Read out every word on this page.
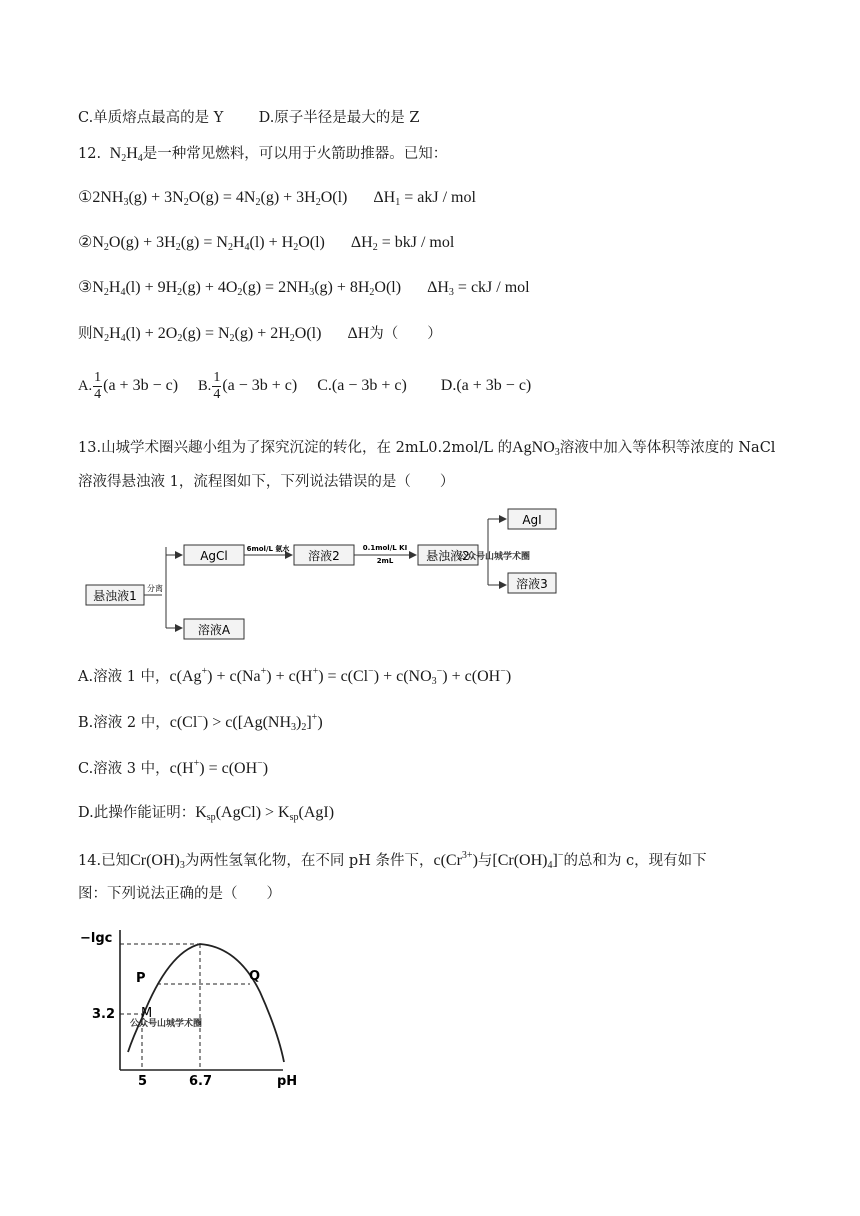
C.单质熔点最高的是 Y D.原子半径是最大的是 Z
12.  $N_2H_4$是一种常见燃料，可以用于火箭助推器。已知：
$①2NH_3(g) + 3N_2O(g) = 4N_2(g) + 3H_2O(l) \Delta H_1$ = akJ / mol
$②N_2O(g) + 3H_2(g) = N_2H_4(l) + H_2O(l) \Delta H_2$ = bkJ / mol
$③N_2H_4(l) + 9H_2(g) + 4O_2(g) = 2NH_3(g) + 8H_2O(l) \Delta H_3$ = ckJ / mol
则$N_2H_4(l) + 2O_2(g) = N_2(g) + 2H_2O(l)$ ΔH为（　　）
A. $\frac{1}{4} (a + 3b - c)$ B. $\frac{1}{4} (a - 3b + c) C.(a - 3b + c) D.(a + 3b - c)$
13.山城学术圈兴趣小组为了探究沉淀的转化，在 2mL0.2mol/L 的AgNO$_3$溶液中加入等体积等浓度的 NaCl
溶液得悬浊液 1，流程图如下，下列说法错误的是（　　）
悬浊液1
分离
AgCl
溶液A
6mol/L 氨水 溶液2
0.1mol/L KI
2mL	悬浊液2
公众号山城学术圈
AgI
溶液3
A.溶液 1 中，$c(Ag^+) + c(Na^+) + c(H^+) = c(Cl^-) + c(NO_3^-) + c(OH^-)$
B.溶液 2 中，$c(Cl^-) > c([Ag(NH_3)_2]^+)$
C.溶液 3 中，c(H+) = c(OH−)
D.此操作能证明：$K_{sp}(AgCl) > K_{sp}(AgI)$
14.已知$Cr(OH)_3$为两性氢氧化物，在不同 pH 条件下，$c(Cr^{3+})$与$[Cr(OH)_4]^-$的总和为 c，现有如下
图：下列说法正确的是（　　）
−lgc
pH
P	Q
M
3.2
5	6.7
公众号山城学术圈
